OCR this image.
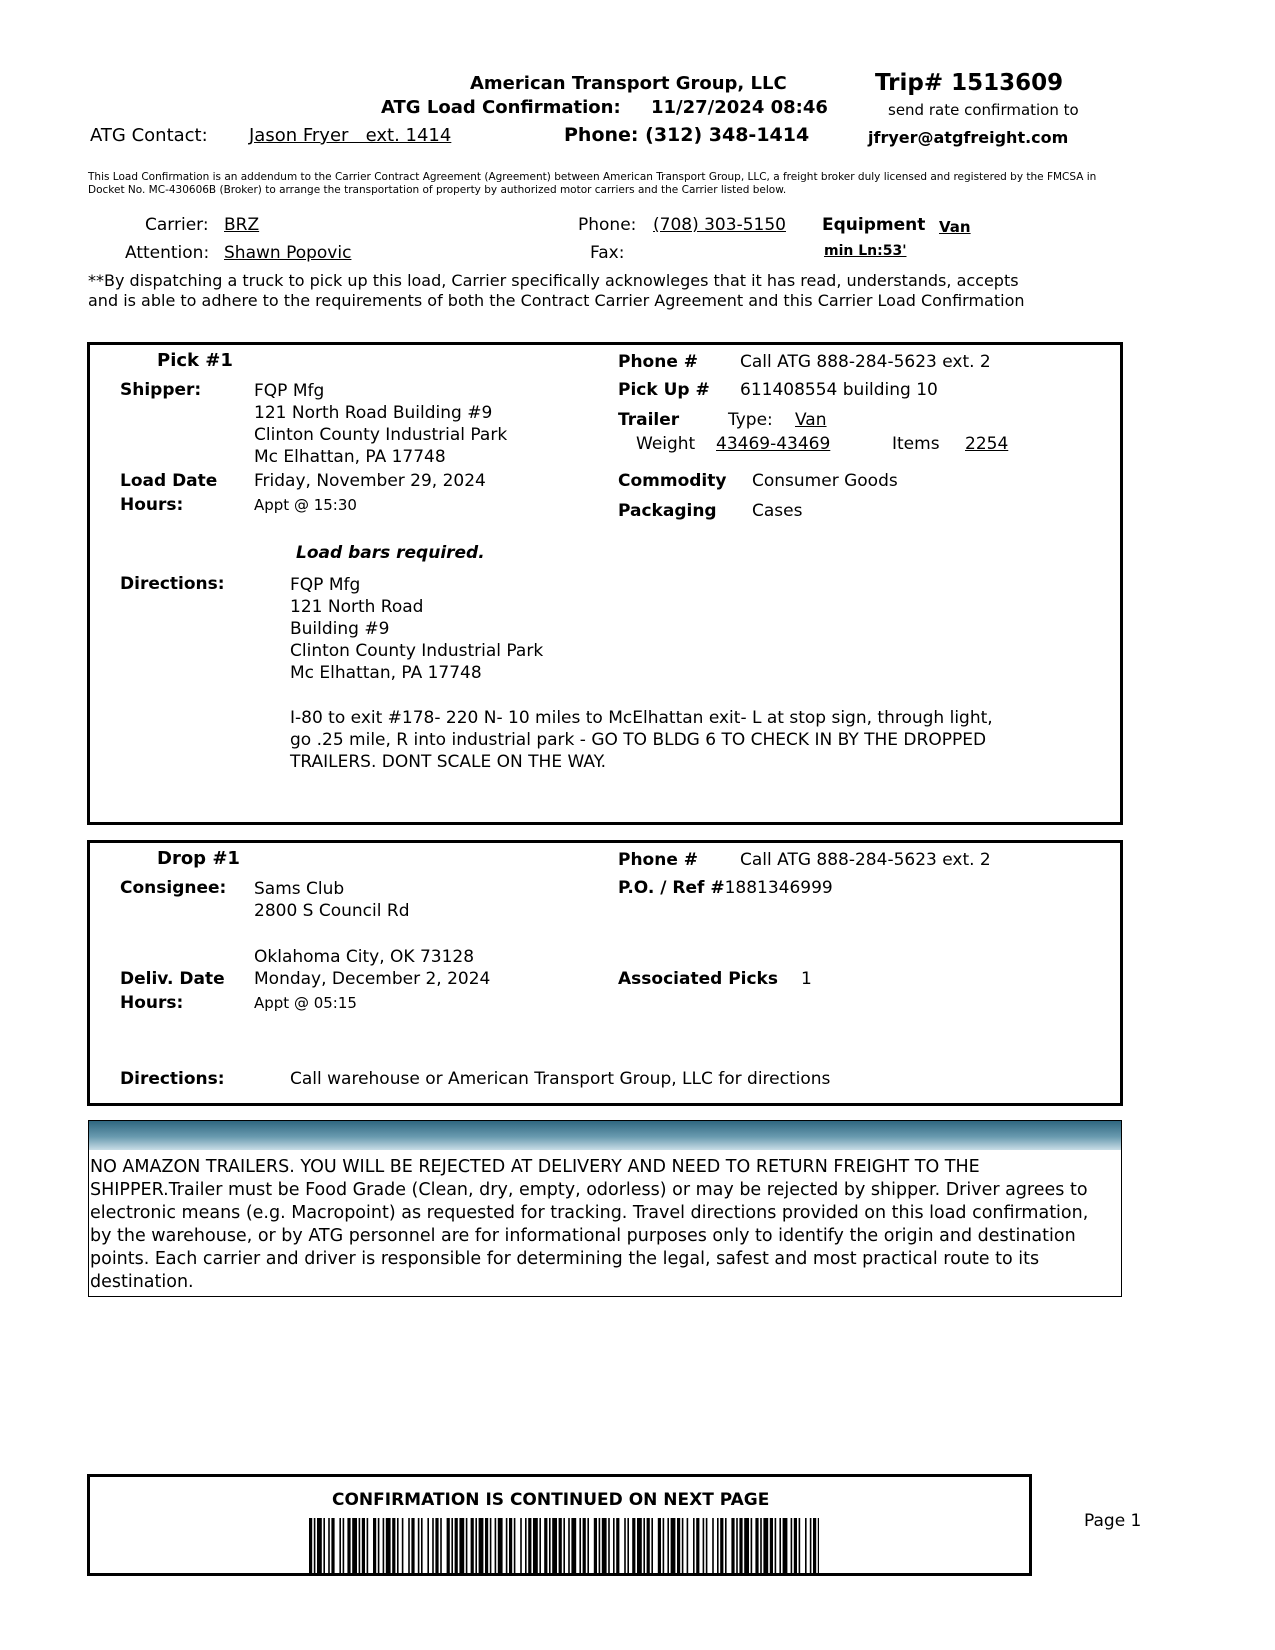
American Transport Group, LLC	Trip# 1513609
ATG Load Confirmation: 11/27/2024 08:46	send rate confirmation to
ATG Contact: Jason Fryer   ext. 1414	Phone: (312) 348-1414	jfryer@atgfreight.com
This Load Confirmation is an addendum to the Carrier Contract Agreement (Agreement) between American Transport Group, LLC, a freight broker duly licensed and registered by the FMCSA in Docket No. MC-430606B (Broker) to arrange the transportation of property by authorized motor carriers and the Carrier listed below.
Carrier: BRZ
Attention: Shawn Popovic
Phone: (708) 303-5150
Fax:
Equipment Van
min Ln:53'
**By dispatching a truck to pick up this load, Carrier specifically acknowleges that it has read, understands, accepts
and is able to adhere to the requirements of both the Contract Carrier Agreement and this Carrier Load Confirmation
Pick #1
Shipper:	FQP Mfg
121 North Road Building #9
Clinton County Industrial Park
Mc Elhattan, PA 17748
Load Date Friday, November 29, 2024
Hours:	Appt @ 15:30
Phone # Call ATG 888-284-5623 ext. 2
Pick Up # 611408554 building 10
Trailer	Type: Van
Weight 43469-43469	Items 2254
Commodity Consumer Goods
Packaging Cases
Load bars required.
Directions:	FQP Mfg
121 North Road
Building #9
Clinton County Industrial Park
Mc Elhattan, PA 17748
I-80 to exit #178- 220 N- 10 miles to McElhattan exit- L at stop sign, through light,
go .25 mile, R into industrial park - GO TO BLDG 6 TO CHECK IN BY THE DROPPED
TRAILERS. DONT SCALE ON THE WAY.
Drop #1
Consignee: Sams Club
2800 S Council Rd
Oklahoma City, OK 73128
Deliv. Date Monday, December 2, 2024
Hours:	Appt @ 05:15
Phone # Call ATG 888-284-5623 ext. 2
P.O. / Ref #1881346999
Associated Picks 1
Directions:	Call warehouse or American Transport Group, LLC for directions
NO AMAZON TRAILERS. YOU WILL BE REJECTED AT DELIVERY AND NEED TO RETURN FREIGHT TO THE SHIPPER.Trailer must be Food Grade (Clean, dry, empty, odorless) or may be rejected by shipper. Driver agrees to electronic means (e.g. Macropoint) as requested for tracking. Travel directions provided on this load confirmation, by the warehouse, or by ATG personnel are for informational purposes only to identify the origin and destination points. Each carrier and driver is responsible for determining the legal, safest and most practical route to its destination.
CONFIRMATION IS CONTINUED ON NEXT PAGE
Page 1
